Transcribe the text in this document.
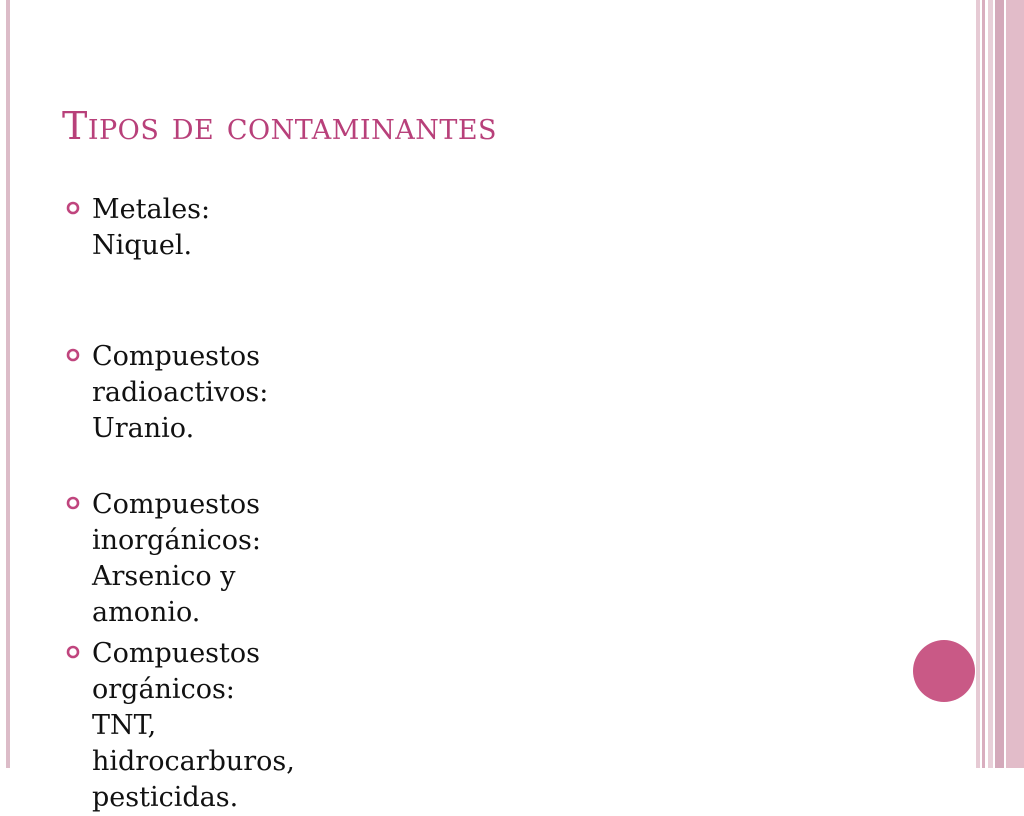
Tipos de contaminantes
Metales: Niquel.
Compuestos radioactivos: Uranio.
Compuestos inorgánicos: Arsenico y amonio.
Compuestos orgánicos: TNT, hidrocarburos, pesticidas.
